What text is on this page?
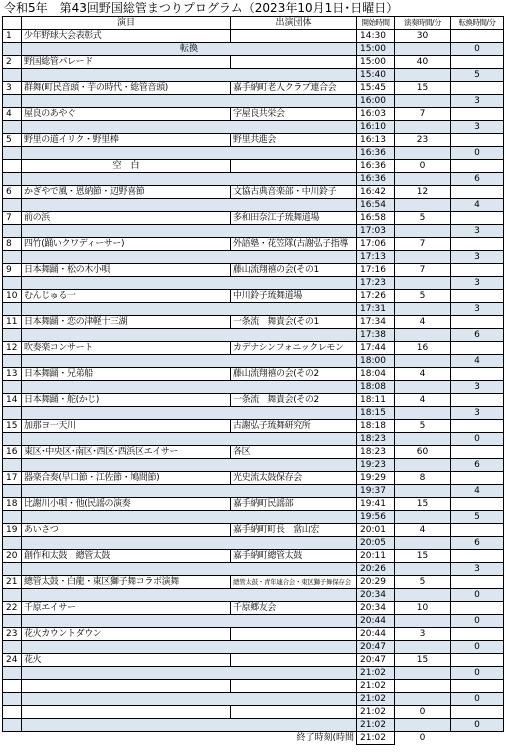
令和5年　第43回野国総管まつりプログラム（2023年10月1日･日曜日）
	演目	出演団体	開始時間	演奏時間/分	転換時間/分
1	少年野球大会表彰式		14:30	30	
	転換		15:00		0
2	野国総管パレード		15:00	40	
			15:40		5
3	群舞(町民音頭・芋の時代・総管音頭)	嘉手納町老人クラブ連合会	15:45	15	
			16:00		3
4	屋良のあやぐ	字屋良共栄会	16:03	7	
			16:10		3
5	野里の道イリク・野里棒	野里共進会	16:13	23	
			16:36		0
	空　白		16:36	0	
			16:36		6
6	かぎやで風・恩納節・辺野喜節	文協古典音楽部・中川鈴子	16:42	12	
			16:54		4
7	前の浜	多和田奈江子琉舞道場	16:58	5	
			17:03		3
8	四竹(踊いクワディーサー)	外語塾・花笠隊(古謝弘子指導	17:06	7	
			17:13		3
9	日本舞踊・松の木小唄	藤山流翔禧の会(その1	17:16	7	
			17:23		3
10	むんじゅる一	中川鈴子琉舞道場	17:26	5	
			17:31		3
11	日本舞踊・恋の津軽十三湖	一条流　舞貴会(その1	17:34	4	
			17:38		6
12	吹奏楽コンサート	カデナシンフォニックレモン	17:44	16	
			18:00		4
13	日本舞踊・兄弟船	藤山流翔禧の会(その2	18:04	4	
			18:08		3
14	日本舞踊・舵(かじ)	一条流　舞貴会(その2	18:11	4	
			18:15		3
15	加那ヨ一天川	古謝弘子琉舞研究所	18:18	5	
			18:23		0
16	東区･中央区･南区･西区･西浜区エイサー	各区	18:23	60	
			19:23		6
17	器楽合奏(早口節・江佐節・鳩間節)	光史流太鼓保存会	19:29	8	
			19:37		4
18	比謝川小唄・他(民謡の演奏	嘉手納町民謡部	19:41	15	
			19:56		5
19	あいさつ	嘉手納町町長　當山宏	20:01	4	
			20:05		6
20	創作和太鼓　總管太鼓	嘉手納町總管太鼓	20:11	15	
			20:26		3
21	總管太鼓・白龍・東区獅子舞コラボ演舞	總管太鼓・青年連合会・東区獅子舞保存会	20:29	5	
			20:34		0
22	千原エイサー	千原郷友会	20:34	10	
			20:44		0
23	花火カウントダウン		20:44	3	
			20:47		0
24	花火		20:47	15	
			21:02		0
			21:02		
			21:02		0
			21:02	0	
			21:02		0
終了時刻(時間			21:02	0	
